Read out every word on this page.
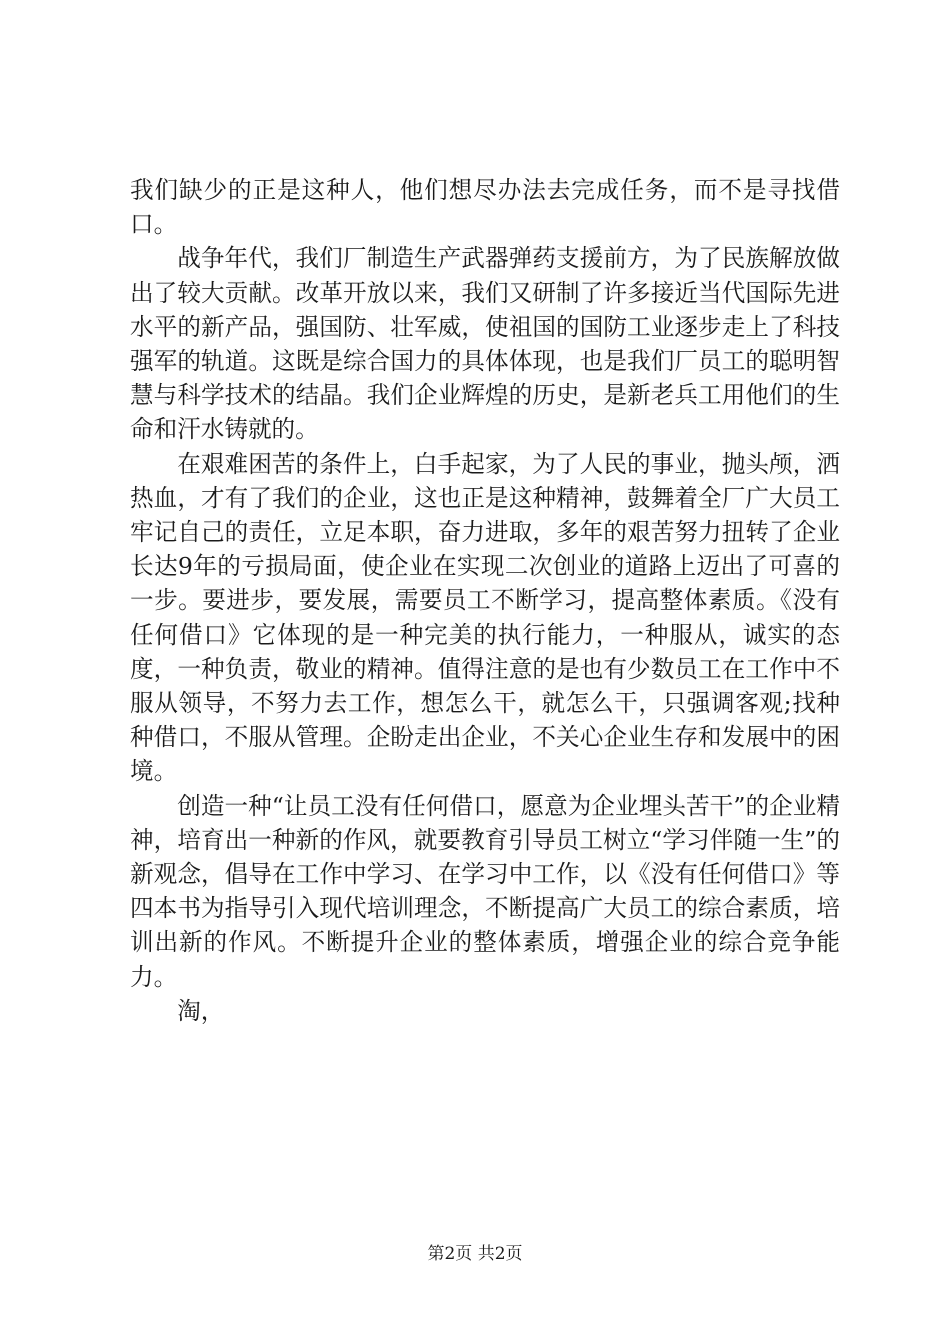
我们缺少的正是这种人，他们想尽办法去完成任务，而不是寻找借口。

战争年代，我们厂制造生产武器弹药支援前方，为了民族解放做出了较大贡献。改革开放以来，我们又研制了许多接近当代国际先进水平的新产品，强国防、壮军威，使祖国的国防工业逐步走上了科技强军的轨道。这既是综合国力的具体体现，也是我们厂员工的聪明智慧与科学技术的结晶。我们企业辉煌的历史，是新老兵工用他们的生命和汗水铸就的。

在艰难困苦的条件上，白手起家，为了人民的事业，抛头颅，洒热血，才有了我们的企业，这也正是这种精神，鼓舞着全厂广大员工牢记自己的责任，立足本职，奋力进取，多年的艰苦努力扭转了企业长达9年的亏损局面，使企业在实现二次创业的道路上迈出了可喜的一步。要进步，要发展，需要员工不断学习，提高整体素质。《没有任何借口》它体现的是一种完美的执行能力，一种服从，诚实的态度，一种负责，敬业的精神。值得注意的是也有少数员工在工作中不服从领导，不努力去工作，想怎么干，就怎么干，只强调客观;找种种借口，不服从管理。企盼走出企业，不关心企业生存和发展中的困境。

创造一种“让员工没有任何借口，愿意为企业埋头苦干”的企业精神，培育出一种新的作风，就要教育引导员工树立“学习伴随一生”的新观念，倡导在工作中学习、在学习中工作，以《没有任何借口》等四本书为指导引入现代培训理念，不断提高广大员工的综合素质，培训出新的作风。不断提升企业的整体素质，增强企业的综合竞争能力。

淘，

第2页 共2页
